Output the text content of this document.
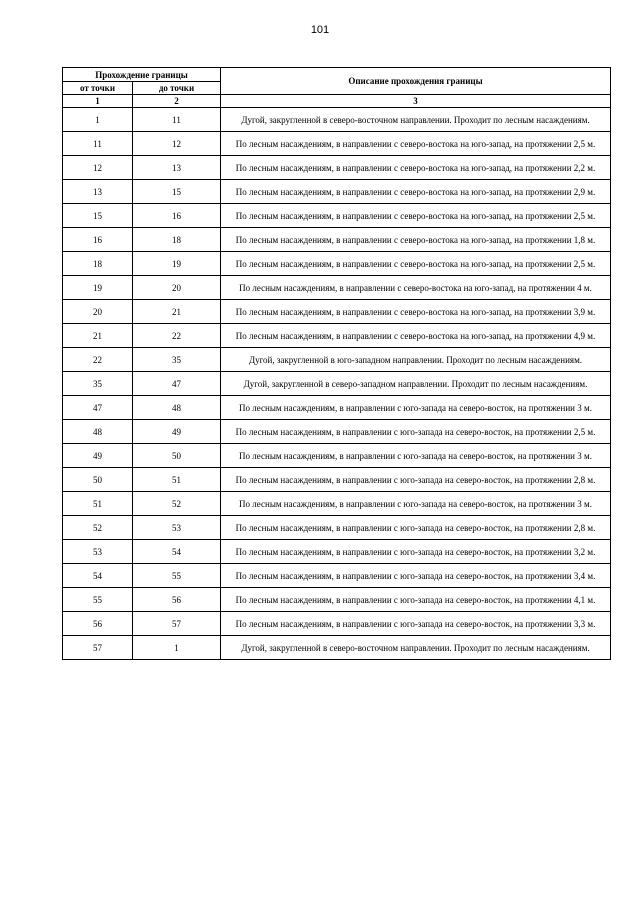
101
Прохождение границы		Описание прохождения границы
от точки	до точки	
1	2	3
1	11	Дугой, закругленной в северо-восточном направлении. Проходит по лесным насаждениям.
11	12	По лесным насаждениям, в направлении с северо-востока на юго-запад, на протяжении 2,5 м.
12	13	По лесным насаждениям, в направлении с северо-востока на юго-запад, на протяжении 2,2 м.
13	15	По лесным насаждениям, в направлении с северо-востока на юго-запад, на протяжении 2,9 м.
15	16	По лесным насаждениям, в направлении с северо-востока на юго-запад, на протяжении 2,5 м.
16	18	По лесным насаждениям, в направлении с северо-востока на юго-запад, на протяжении 1,8 м.
18	19	По лесным насаждениям, в направлении с северо-востока на юго-запад, на протяжении 2,5 м.
19	20	По лесным насаждениям, в направлении с северо-востока на юго-запад, на протяжении 4 м.
20	21	По лесным насаждениям, в направлении с северо-востока на юго-запад, на протяжении 3,9 м.
21	22	По лесным насаждениям, в направлении с северо-востока на юго-запад, на протяжении 4,9 м.
22	35	Дугой, закругленной в юго-западном направлении. Проходит по лесным насаждениям.
35	47	Дугой, закругленной в северо-западном направлении. Проходит по лесным насаждениям.
47	48	По лесным насаждениям, в направлении с юго-запада на северо-восток, на протяжении 3 м.
48	49	По лесным насаждениям, в направлении с юго-запада на северо-восток, на протяжении 2,5 м.
49	50	По лесным насаждениям, в направлении с юго-запада на северо-восток, на протяжении 3 м.
50	51	По лесным насаждениям, в направлении с юго-запада на северо-восток, на протяжении 2,8 м.
51	52	По лесным насаждениям, в направлении с юго-запада на северо-восток, на протяжении 3 м.
52	53	По лесным насаждениям, в направлении с юго-запада на северо-восток, на протяжении 2,8 м.
53	54	По лесным насаждениям, в направлении с юго-запада на северо-восток, на протяжении 3,2 м.
54	55	По лесным насаждениям, в направлении с юго-запада на северо-восток, на протяжении 3,4 м.
55	56	По лесным насаждениям, в направлении с юго-запада на северо-восток, на протяжении 4,1 м.
56	57	По лесным насаждениям, в направлении с юго-запада на северо-восток, на протяжении 3,3 м.
57	1	Дугой, закругленной в северо-восточном направлении. Проходит по лесным насаждениям.
